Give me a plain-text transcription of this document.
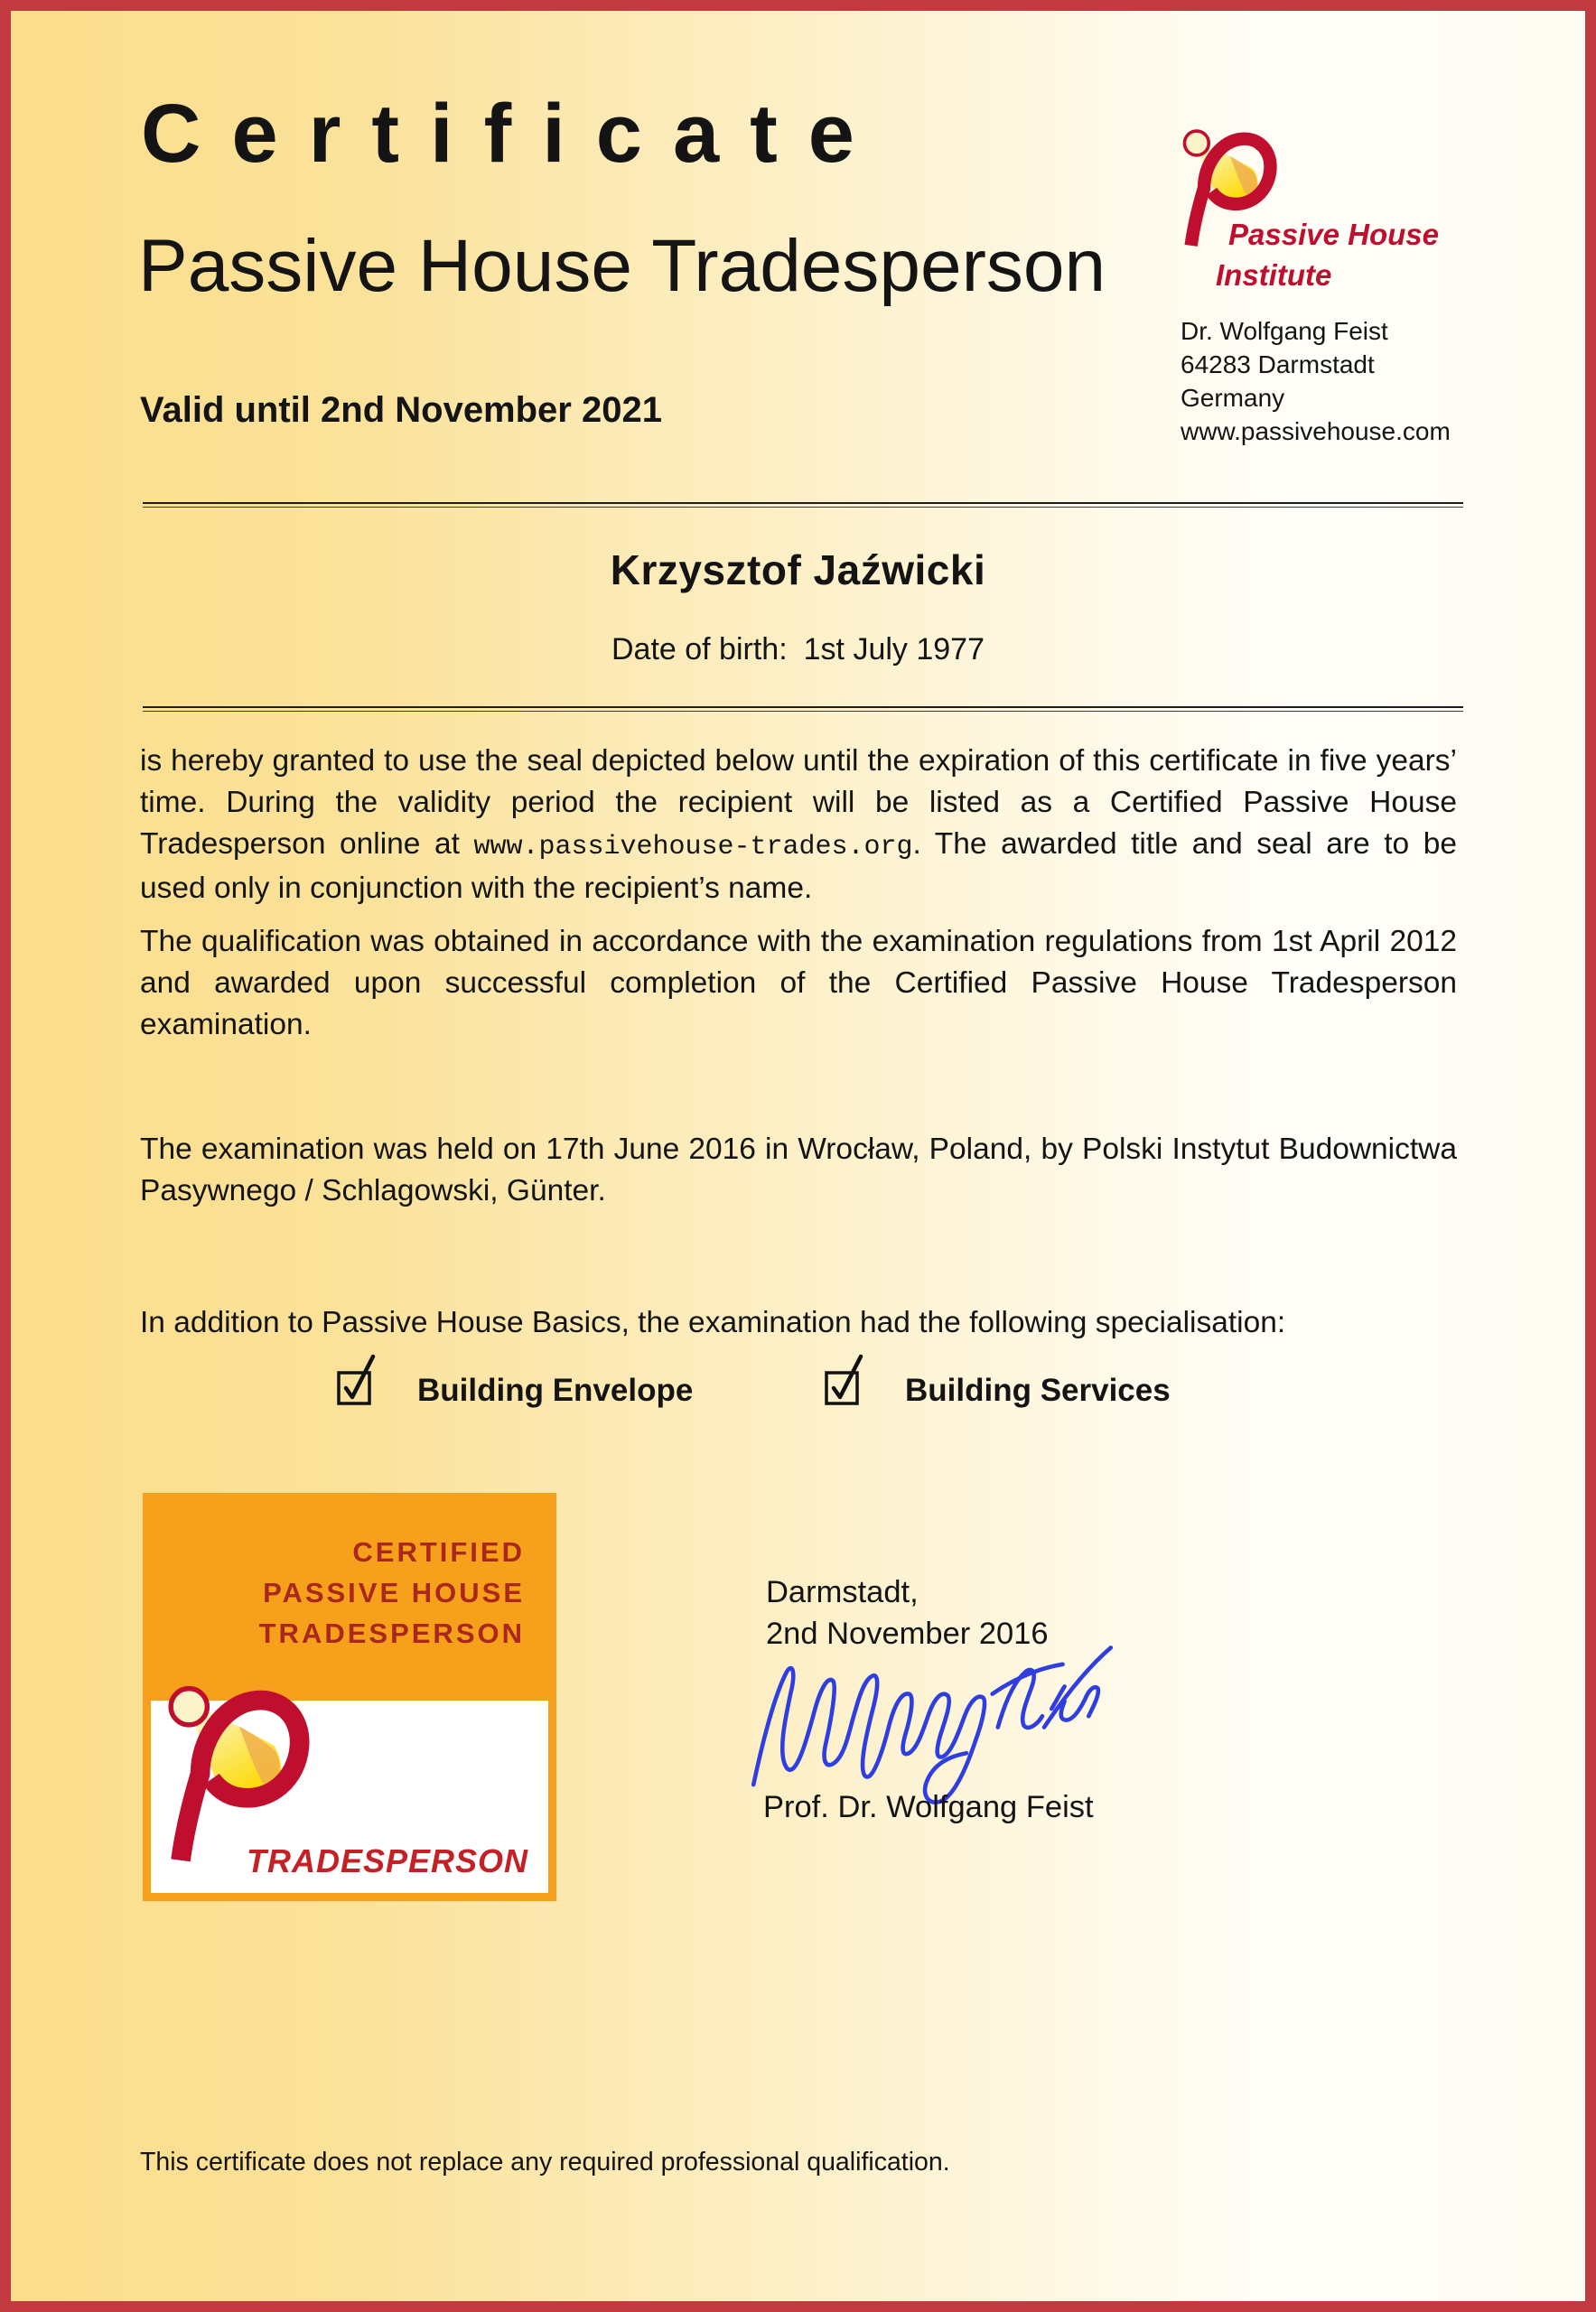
Certificate
Passive House Tradesperson
Valid until 2nd November 2021
Passive House
Institute
Dr. Wolfgang Feist
64283 Darmstadt
Germany
www.passivehouse.com
Krzysztof Jaźwicki
Date of birth: 1st July 1977
is hereby granted to use the seal depicted below until the expiration of this certificate in five years’ time. During the validity period the recipient will be listed as a Certified Passive House Tradesperson online at www.passivehouse-trades.org. The awarded title and seal are to be used only in conjunction with the recipient’s name.
The qualification was obtained in accordance with the examination regulations from 1st April 2012 and awarded upon successful completion of the Certified Passive House Tradesperson examination.
The examination was held on 17th June 2016 in Wrocław, Poland, by Polski Instytut Budownictwa Pasywnego / Schlagowski, Günter.
In addition to Passive House Basics, the examination had the following specialisation:
Building Envelope	Building Services
CERTIFIED
PASSIVE HOUSE
TRADESPERSON
TRADESPERSON
Darmstadt,
2nd November 2016
Prof. Dr. Wolfgang Feist
This certificate does not replace any required professional qualification.
